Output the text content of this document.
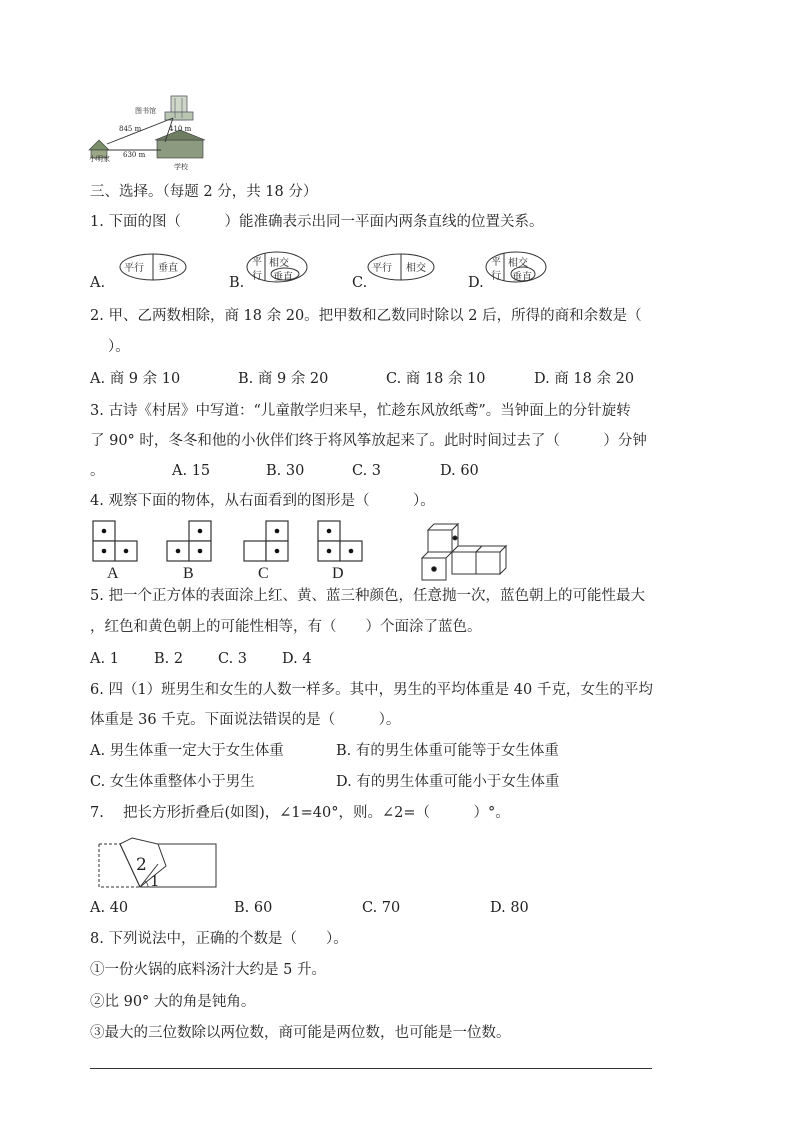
图书馆
小明家
学校
845 m	410 m
630 m
三、选择。（每题 2 分，共 18 分）
1. 下面的图（　　　）能准确表示出同一平面内两条直线的位置关系。
A.	B.	C.	D.
平行 垂直
平
行
相交
垂直
平行 相交
平
行
相交
垂直
2. 甲、乙两数相除，商 18 余 20。把甲数和乙数同时除以 2 后，所得的商和余数是（
）。
A. 商 9 余 10	B. 商 9 余 20	C. 商 18 余 10	D. 商 18 余 20
3. 古诗《村居》中写道：“儿童散学归来早，忙趁东风放纸鸢”。当钟面上的分针旋转
了 90° 时，冬冬和他的小伙伴们终于将风筝放起来了。此时时间过去了（　　　）分钟
。	A. 15	B. 30	C. 3	D. 60
4. 观察下面的物体，从右面看到的图形是（　　　）。
A	B	C	D
5. 把一个正方体的表面涂上红、黄、蓝三种颜色，任意抛一次，蓝色朝上的可能性最大
，红色和黄色朝上的可能性相等，有（　　）个面涂了蓝色。
A. 1 B. 2 C. 3 D. 4
6. 四（1）班男生和女生的人数一样多。其中，男生的平均体重是 40 千克，女生的平均
体重是 36 千克。下面说法错误的是（　　　）。
A. 男生体重一定大于女生体重	B. 有的男生体重可能等于女生体重
C. 女生体重整体小于男生	D. 有的男生体重可能小于女生体重
7.　 把长方形折叠后(如图)，∠1=40°，则。∠2=（　　　）°。
2
1
A. 40	B. 60	C. 70	D. 80
8. 下列说法中，正确的个数是（　　）。
①一份火锅的底料汤汁大约是 5 升。
②比 90° 大的角是钝角。
③最大的三位数除以两位数，商可能是两位数，也可能是一位数。
